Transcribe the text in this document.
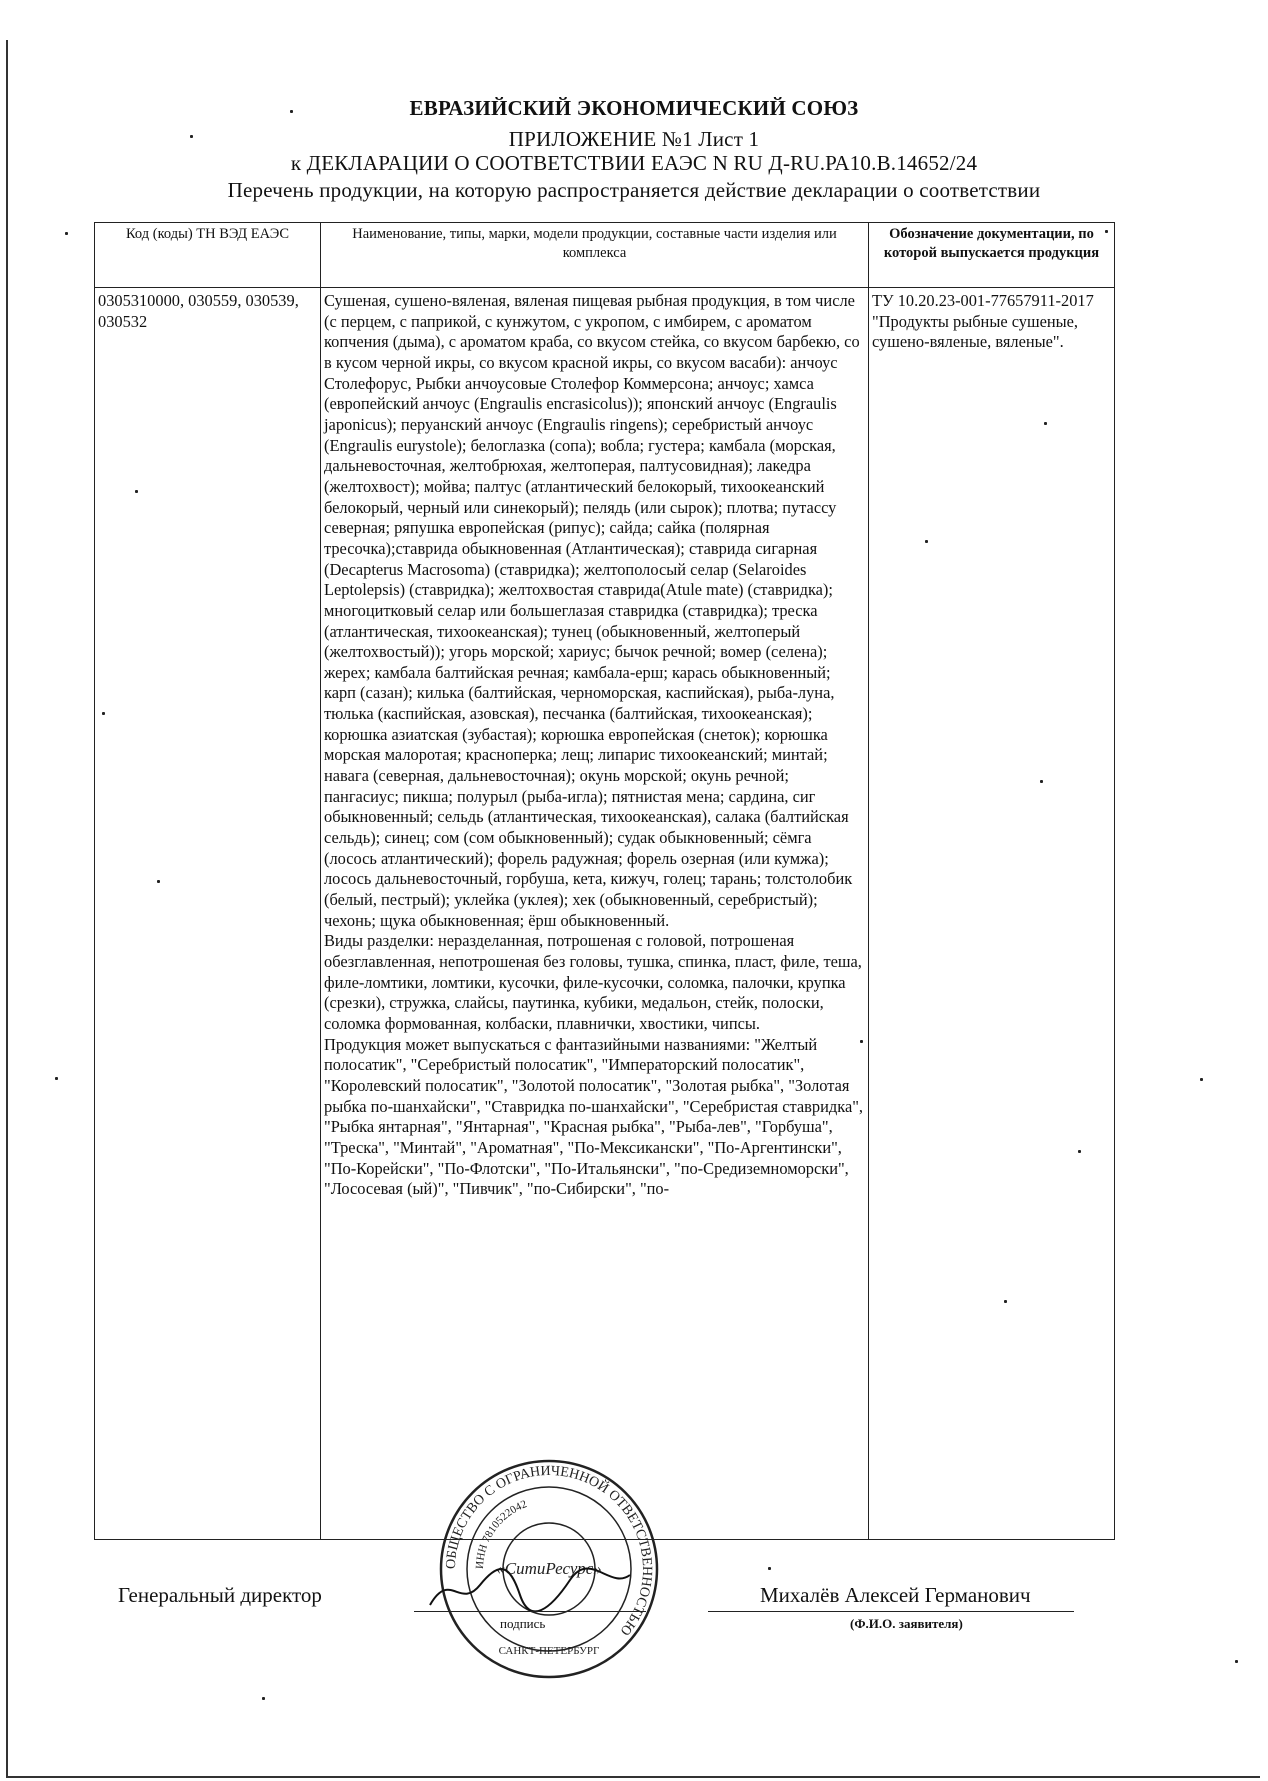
ЕВРАЗИЙСКИЙ ЭКОНОМИЧЕСКИЙ СОЮЗ
ПРИЛОЖЕНИЕ №1 Лист 1
к ДЕКЛАРАЦИИ О СООТВЕТСТВИИ ЕАЭС N RU Д-RU.РА10.В.14652/24
Перечень продукции, на которую распространяется действие декларации о соответствии
Код (коды) ТН ВЭД ЕАЭС	Наименование, типы, марки, модели продукции, составные части изделия или комплекса	Обозначение документации, по которой выпускается продукция
0305310000, 030559, 030539, 030532	Сушеная, сушено-вяленая, вяленая пищевая рыбная продукция, в том числе (с перцем, с паприкой, с кунжутом, с укропом, с имбирем, с ароматом копчения (дыма), с ароматом краба, со вкусом стейка, со вкусом барбекю, со в кусом черной икры, со вкусом красной икры, со вкусом васаби): анчоус Столефорус, Рыбки анчоусовые Столефор Коммерсона; анчоус; хамса (европейский анчоус (Engraulis encrasicolus)); японский анчоус (Engraulis japonicus); перуанский анчоус (Engraulis ringens); серебристый анчоус (Engraulis eurystole); белоглазка (сопа); вобла; густера; камбала (морская, дальневосточная, желтобрюхая, желтоперая, палтусовидная); лакедра (желтохвост); мойва; палтус (атлантический белокорый, тихоокеанский белокорый, черный или синекорый); пелядь (или сырок); плотва; путассу северная; ряпушка европейская (рипус); сайда; сайка (полярная тресочка);ставрида обыкновенная (Атлантическая); ставрида сигарная (Decapterus Macrosoma) (ставридка); желтополосый селар (Selaroides Leptolepsis) (ставридка); желтохвостая ставрида(Atule mate) (ставридка); многоцитковый селар или большеглазая ставридка (ставридка); треска (атлантическая, тихоокеанская); тунец (обыкновенный, желтоперый (желтохвостый)); угорь морской; хариус; бычок речной; вомер (селена); жерех; камбала балтийская речная; камбала-ерш; карась обыкновенный; карп (сазан); килька (балтийская, черноморская, каспийская), рыба-луна, тюлька (каспийская, азовская), песчанка (балтийская, тихоокеанская); корюшка азиатская (зубастая); корюшка европейская (снеток); корюшка морская малоротая; красноперка; лещ; липарис тихоокеанский; минтай; навага (северная, дальневосточная); окунь морской; окунь речной; пангасиус; пикша; полурыл (рыба-игла); пятнистая мена; сардина, сиг обыкновенный; сельдь (атлантическая, тихоокеанская), салака (балтийская сельдь); синец; сом (сом обыкновенный); судак обыкновенный; сёмга (лосось атлантический); форель радужная; форель озерная (или кумжа); лосось дальневосточный, горбуша, кета, кижуч, голец; тарань; толстолобик (белый, пестрый); уклейка (уклея); хек (обыкновенный, серебристый); чехонь; щука обыкновенная; ёрш обыкновенный.

Виды разделки: неразделанная, потрошеная с головой, потрошеная обезглавленная, непотрошеная без головы, тушка, спинка, пласт, филе, теша, филе-ломтики, ломтики, кусочки, филе-кусочки, соломка, палочки, крупка (срезки), стружка, слайсы, паутинка, кубики, медальон, стейк, полоски, соломка формованная, колбаски, плавнички, хвостики, чипсы.

Продукция может выпускаться с фантазийными названиями: "Желтый полосатик", "Серебристый полосатик", "Императорский полосатик", "Королевский полосатик", "Золотой полосатик", "Золотая рыбка", "Золотая рыбка по-шанхайски", "Ставридка по-шанхайски", "Серебристая ставридка", "Рыбка янтарная", "Янтарная", "Красная рыбка", "Рыба-лев", "Горбуша", "Треска", "Минтай", "Ароматная", "По-Мексикански", "По-Аргентински", "По-Корейски", "По-Флотски", "По-Итальянски", "по-Средиземноморски", "Лососевая (ый)", "Пивчик", "по-Сибирски", "по-	ТУ 10.20.23-001-77657911-2017 "Продукты рыбные сушеные, сушено-вяленые, вяленые".
ОБЩЕСТВО С ОГРАНИЧЕННОЙ ОТВЕТСТВЕННОСТЬЮ
ИНН 7810522042
«СитиРесурс»
САНКТ-ПЕТЕРБУРГ
Генеральный директор
подпись
Михалёв Алексей Германович
(Ф.И.О. заявителя)
